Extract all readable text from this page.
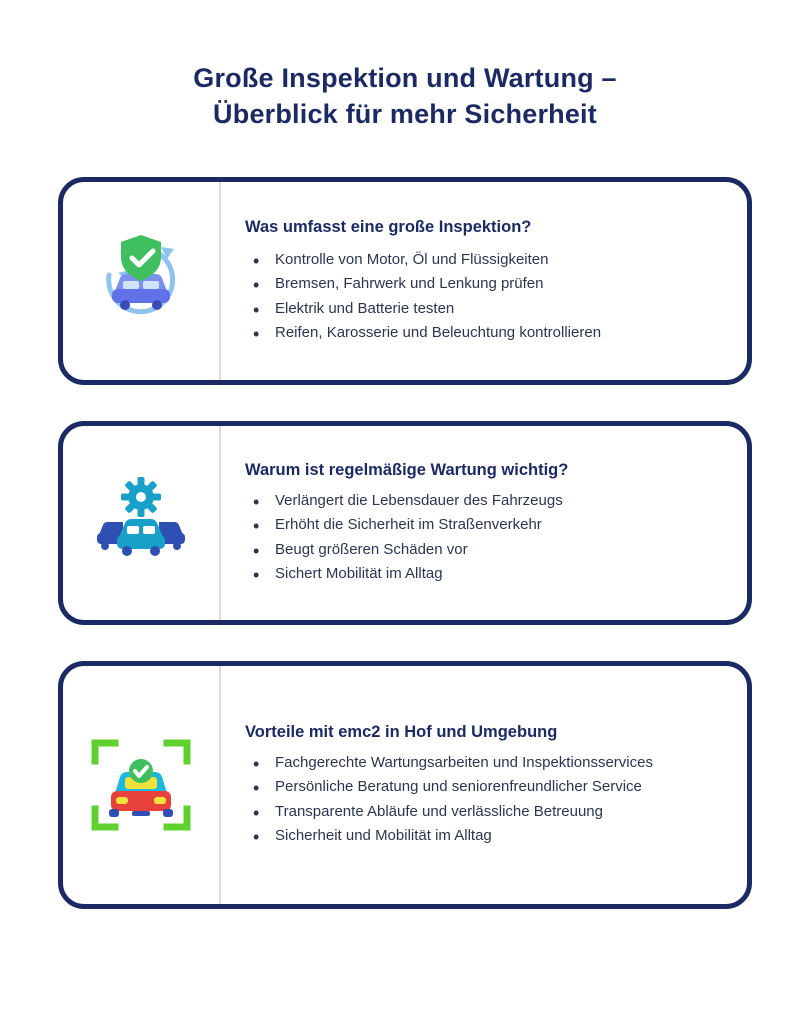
Große Inspektion und Wartung –
Überblick für mehr Sicherheit
Was umfasst eine große Inspektion?
• Kontrolle von Motor, Öl und Flüssigkeiten
• Bremsen, Fahrwerk und Lenkung prüfen
• Elektrik und Batterie testen
• Reifen, Karosserie und Beleuchtung kontrollieren
Warum ist regelmäßige Wartung wichtig?
• Verlängert die Lebensdauer des Fahrzeugs
• Erhöht die Sicherheit im Straßenverkehr
• Beugt größeren Schäden vor
• Sichert Mobilität im Alltag
Vorteile mit emc2 in Hof und Umgebung
• Fachgerechte Wartungsarbeiten und Inspektionsservices
• Persönliche Beratung und seniorenfreundlicher Service
• Transparente Abläufe und verlässliche Betreuung
• Sicherheit und Mobilität im Alltag
